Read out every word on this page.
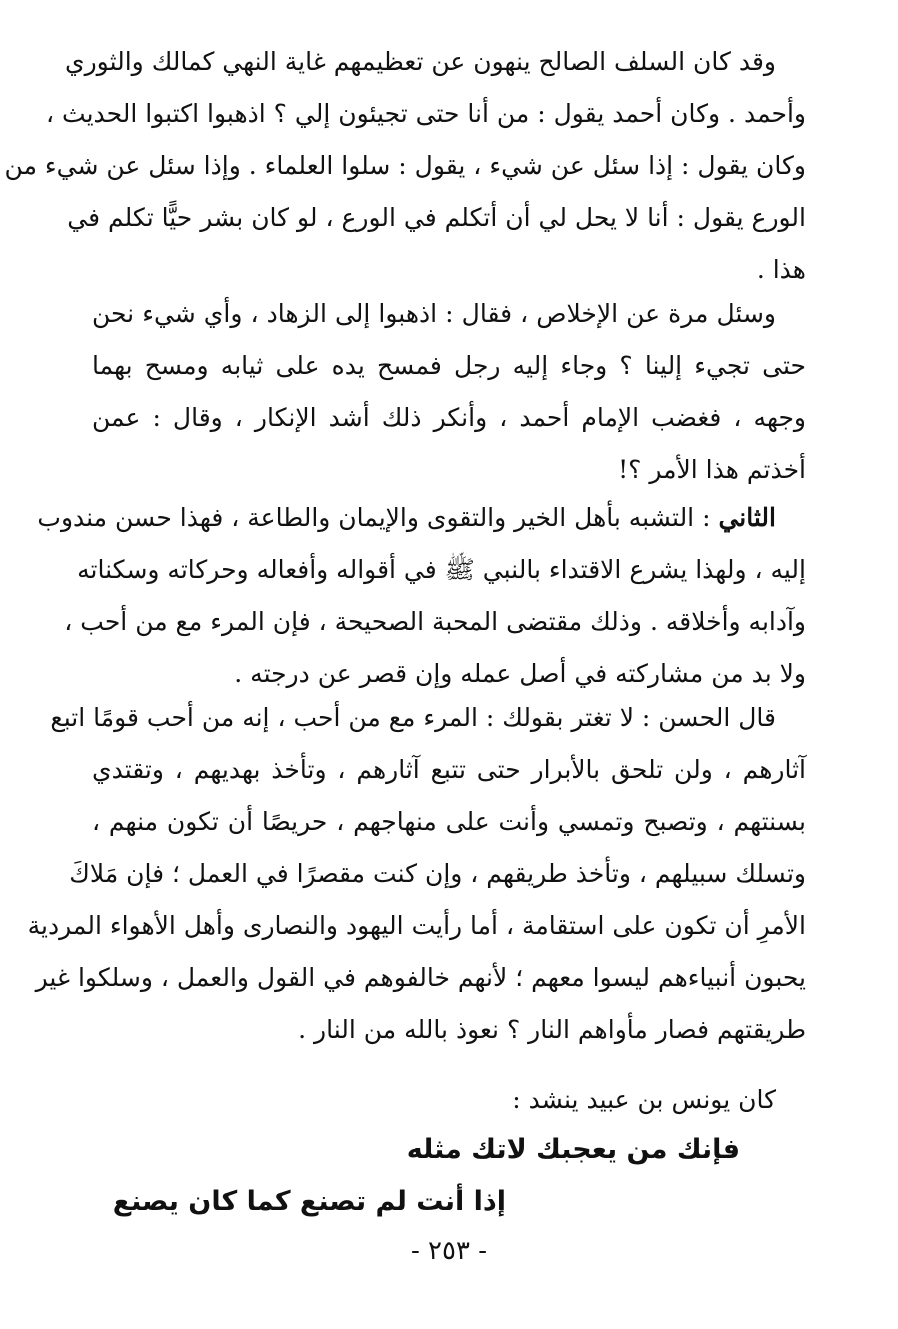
وقد كان السلف الصالح ينهون عن تعظيمهم غاية النهي كمالك والثوري
وأحمد . وكان أحمد يقول : من أنا حتى تجيئون إلي ؟ اذهبوا اكتبوا الحديث ،
وكان يقول : إذا سئل عن شيء ، يقول : سلوا العلماء . وإذا سئل عن شيء من
الورع يقول : أنا لا يحل لي أن أتكلم في الورع ، لو كان بشر حيًّا تكلم في
هذا .
وسئل مرة عن الإخلاص ، فقال : اذهبوا إلى الزهاد ، وأي شيء نحن
حتى تجيء إلينا ؟ وجاء إليه رجل فمسح يده على ثيابه ومسح بهما
وجهه ، فغضب الإمام أحمد ، وأنكر ذلك أشد الإنكار ، وقال : عمن
أخذتم هذا الأمر ؟!
الثاني : التشبه بأهل الخير والتقوى والإيمان والطاعة ، فهذا حسن مندوب
إليه ، ولهذا يشرع الاقتداء بالنبي ﷺ في أقواله وأفعاله وحركاته وسكناته
وآدابه وأخلاقه . وذلك مقتضى المحبة الصحيحة ، فإن المرء مع من أحب ،
ولا بد من مشاركته في أصل عمله وإن قصر عن درجته .
قال الحسن : لا تغتر بقولك : المرء مع من أحب ، إنه من أحب قومًا اتبع
آثارهم ، ولن تلحق بالأبرار حتى تتبع آثارهم ، وتأخذ بهديهم ، وتقتدي
بسنتهم ، وتصبح وتمسي وأنت على منهاجهم ، حريصًا أن تكون منهم ،
وتسلك سبيلهم ، وتأخذ طريقهم ، وإن كنت مقصرًا في العمل ؛ فإن مَلاكَ
الأمرِ أن تكون على استقامة ، أما رأيت اليهود والنصارى وأهل الأهواء المردية
يحبون أنبياءهم ليسوا معهم ؛ لأنهم خالفوهم في القول والعمل ، وسلكوا غير
طريقتهم فصار مأواهم النار ؟ نعوذ بالله من النار .
كان يونس بن عبيد ينشد :
فإنك من يعجبك لاتك مثله
إذا أنت لم تصنع كما كان يصنع
- ٢٥٣ -
